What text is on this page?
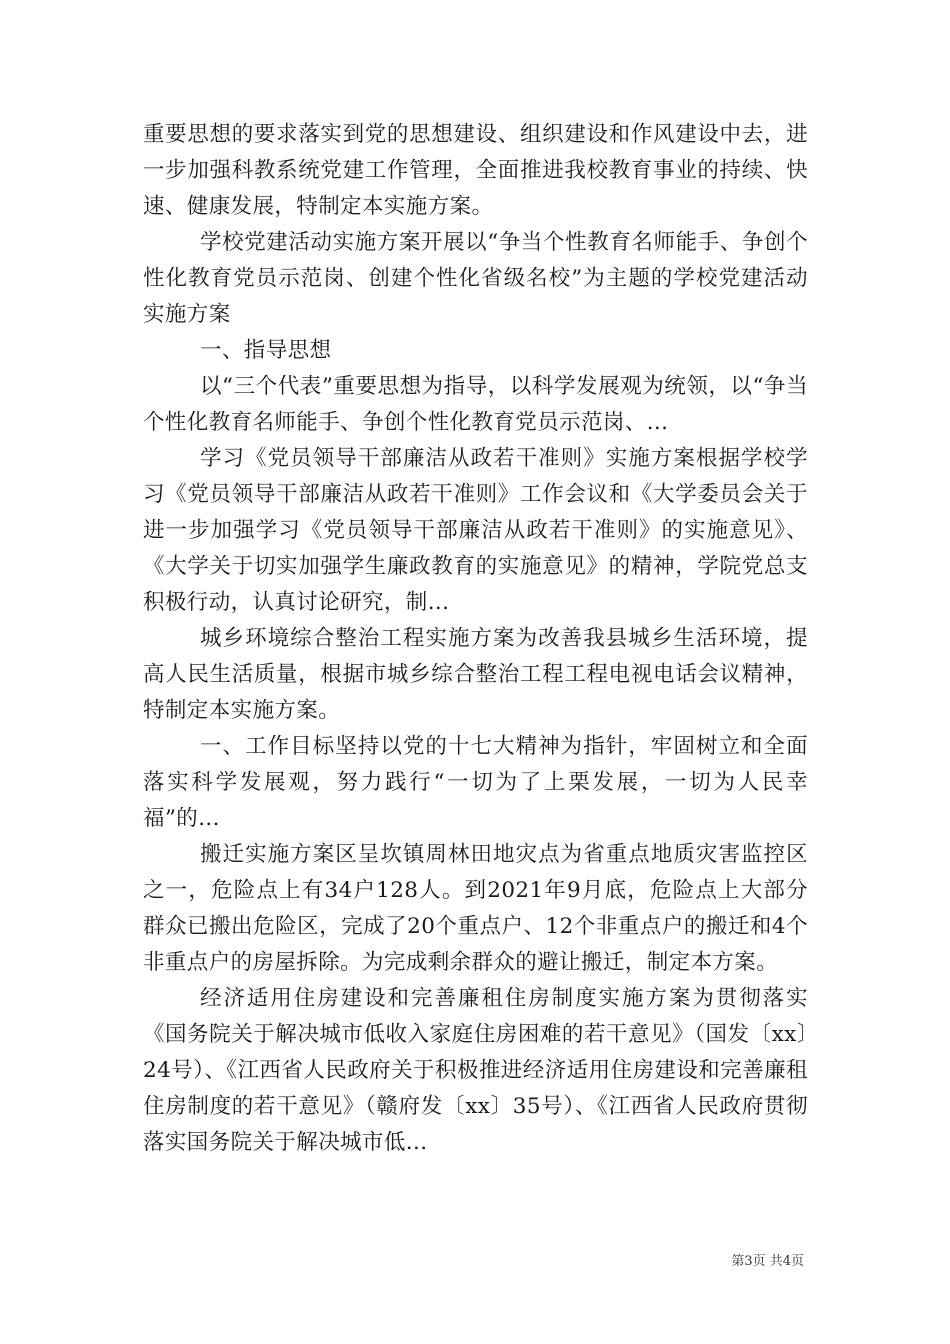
重要思想的要求落实到党的思想建设、组织建设和作风建设中去，进一步加强科教系统党建工作管理，全面推进我校教育事业的持续、快速、健康发展，特制定本实施方案。

学校党建活动实施方案开展以“争当个性教育名师能手、争创个性化教育党员示范岗、创建个性化省级名校”为主题的学校党建活动实施方案

一、指导思想

以“三个代表”重要思想为指导，以科学发展观为统领，以“争当个性化教育名师能手、争创个性化教育党员示范岗、...

学习《党员领导干部廉洁从政若干准则》实施方案根据学校学习《党员领导干部廉洁从政若干准则》工作会议和《大学委员会关于进一步加强学习《党员领导干部廉洁从政若干准则》的实施意见》、《大学关于切实加强学生廉政教育的实施意见》的精神，学院党总支积极行动，认真讨论研究，制...

城乡环境综合整治工程实施方案为改善我县城乡生活环境，提高人民生活质量，根据市城乡综合整治工程工程电视电话会议精神，特制定本实施方案。

一、工作目标坚持以党的十七大精神为指针，牢固树立和全面落实科学发展观，努力践行“一切为了上栗发展，一切为人民幸福”的...

搬迁实施方案区呈坎镇周林田地灾点为省重点地质灾害监控区之一，危险点上有34户128人。到2021年9月底，危险点上大部分群众已搬出危险区，完成了20个重点户、12个非重点户的搬迁和4个非重点户的房屋拆除。为完成剩余群众的避让搬迁，制定本方案。

经济适用住房建设和完善廉租住房制度实施方案为贯彻落实《国务院关于解决城市低收入家庭住房困难的若干意见》（国发〔xx〕24号）、《江西省人民政府关于积极推进经济适用住房建设和完善廉租住房制度的若干意见》（赣府发〔xx〕35号）、《江西省人民政府贯彻落实国务院关于解决城市低...

第3页 共4页
